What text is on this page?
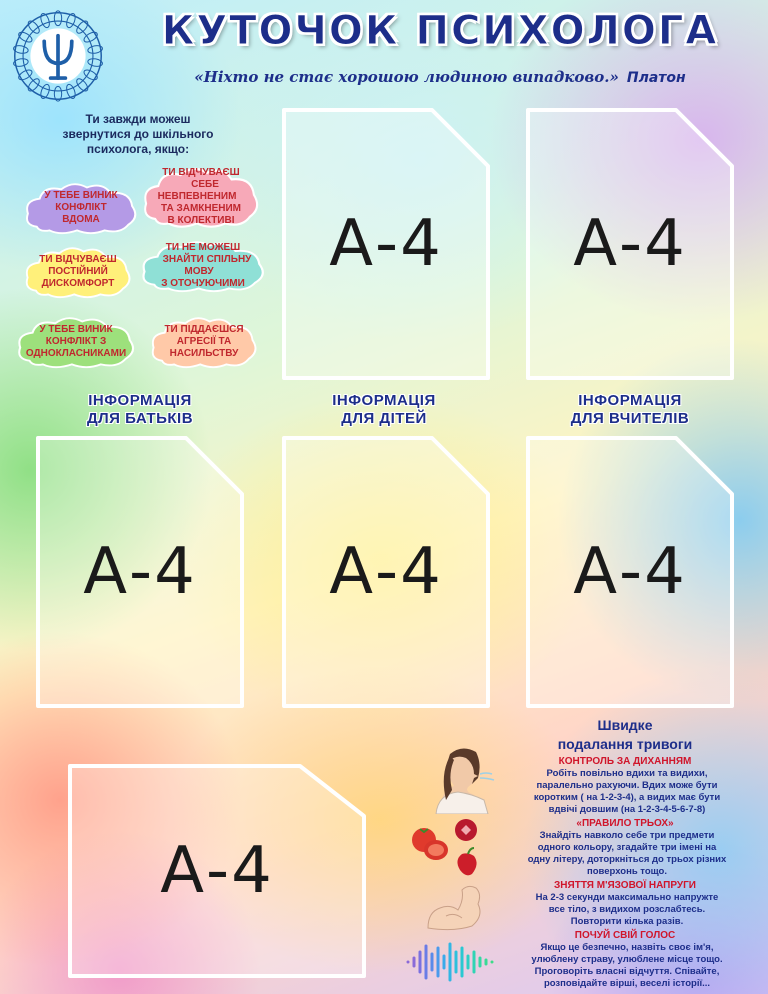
КУТОЧОК ПСИХОЛОГА
«Ніхто не стає хорошою людиною випадково.» Платон
Ти завжди можеш
звернутися до шкільного
психолога, якщо:
У ТЕБЕ ВИНИК
КОНФЛІКТ
ВДОМА
ТИ ВІДЧУВАЄШ
СЕБЕ НЕВПЕВНЕНИМ
ТА ЗАМКНЕНИМ
В КОЛЕКТИВІ
ТИ ВІДЧУВАЄШ
ПОСТІЙНИЙ
ДИСКОМФОРТ
ТИ НЕ МОЖЕШ
ЗНАЙТИ СПІЛЬНУ МОВУ
З ОТОЧУЮЧИМИ
У ТЕБЕ ВИНИК
КОНФЛІКТ З
ОДНОКЛАСНИКАМИ
ТИ ПІДДАЄШСЯ
АГРЕСІЇ ТА
НАСИЛЬСТВУ
ІНФОРМАЦІЯ
ДЛЯ БАТЬКІВ
ІНФОРМАЦІЯ
ДЛЯ ДІТЕЙ
ІНФОРМАЦІЯ
ДЛЯ ВЧИТЕЛІВ
А-4	А-4
А-4	А-4	А-4
А-4
Швидке
подалання тривоги
КОНТРОЛЬ ЗА ДИХАННЯМ
Робіть повільно вдихи та видихи,
паралельно рахуючи. Вдих може бути
коротким ( на 1-2-3-4), а видих має бути
вдвічі довшим (на 1-2-3-4-5-6-7-8)
«ПРАВИЛО ТРЬОХ»
Знайдіть навколо себе три предмети
одного кольору, згадайте три імені на
одну літеру, доторкніться до трьох різних
поверхонь тощо.
ЗНЯТТЯ М'ЯЗОВОЇ НАПРУГИ
На 2-3 секунди максимально напружте
все тіло, з видихом розслабтесь.
Повторити кілька разів.
ПОЧУЙ СВІЙ ГОЛОС
Якщо це безпечно, назвіть своє ім'я,
улюблену страву, улюблене місце тощо.
Проговоріть власні відчуття. Співайте,
розповідайте вірші, веселі історії...
